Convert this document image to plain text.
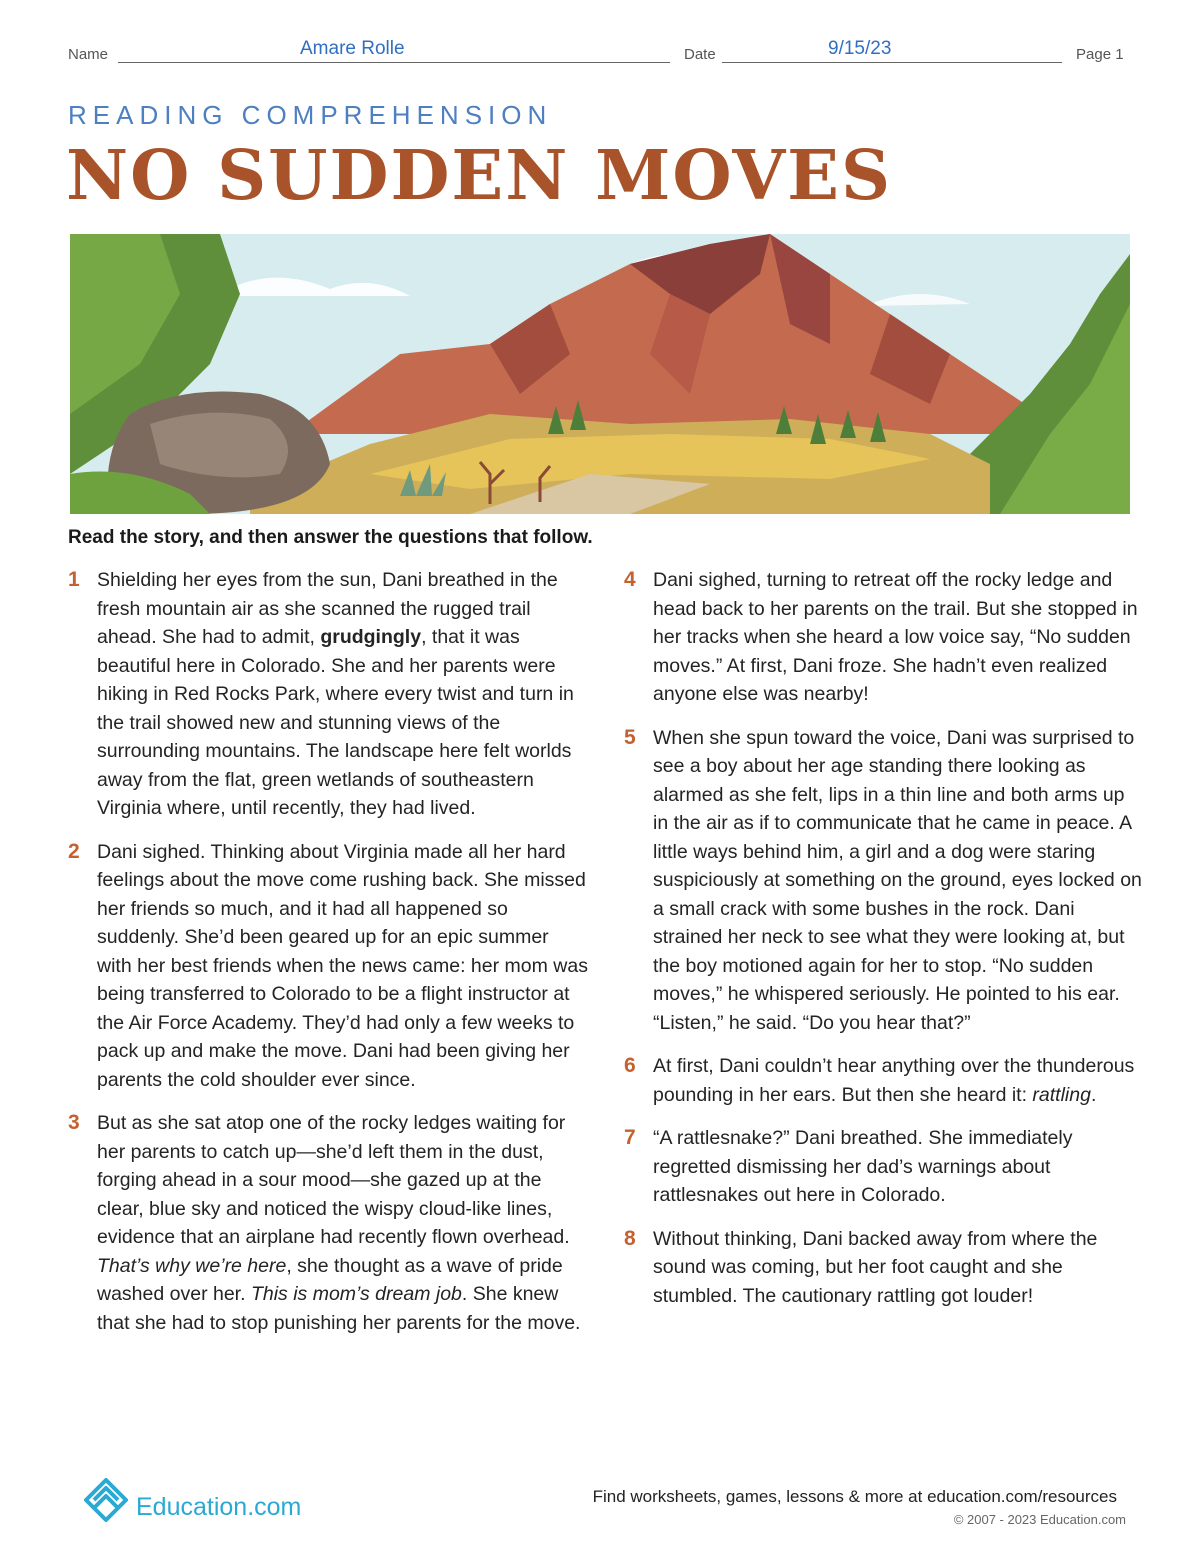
Name	Amare Rolle	Date	9/15/23	Page 1
READING COMPREHENSION
NO SUDDEN MOVES
Read the story, and then answer the questions that follow.
1 Shielding her eyes from the sun, Dani breathed in the fresh mountain air as she scanned the rugged trail ahead. She had to admit, grudgingly, that it was beautiful here in Colorado. She and her parents were hiking in Red Rocks Park, where every twist and turn in the trail showed new and stunning views of the surrounding mountains. The landscape here felt worlds away from the flat, green wetlands of southeastern Virginia where, until recently, they had lived.
2 Dani sighed. Thinking about Virginia made all her hard feelings about the move come rushing back. She missed her friends so much, and it had all happened so suddenly. She’d been geared up for an epic summer with her best friends when the news came: her mom was being transferred to Colorado to be a flight instructor at the Air Force Academy. They’d had only a few weeks to pack up and make the move. Dani had been giving her parents the cold shoulder ever since.
3 But as she sat atop one of the rocky ledges waiting for her parents to catch up—she’d left them in the dust, forging ahead in a sour mood—she gazed up at the clear, blue sky and noticed the wispy cloud-like lines, evidence that an airplane had recently flown overhead. That’s why we’re here, she thought as a wave of pride washed over her. This is mom’s dream job. She knew that she had to stop punishing her parents for the move.
4 Dani sighed, turning to retreat off the rocky ledge and head back to her parents on the trail. But she stopped in her tracks when she heard a low voice say, “No sudden moves.” At first, Dani froze. She hadn’t even realized anyone else was nearby!
5 When she spun toward the voice, Dani was surprised to see a boy about her age standing there looking as alarmed as she felt, lips in a thin line and both arms up in the air as if to communicate that he came in peace. A little ways behind him, a girl and a dog were staring suspiciously at something on the ground, eyes locked on a small crack with some bushes in the rock. Dani strained her neck to see what they were looking at, but the boy motioned again for her to stop. “No sudden moves,” he whispered seriously. He pointed to his ear. “Listen,” he said. “Do you hear that?”
6 At first, Dani couldn’t hear anything over the thunderous pounding in her ears. But then she heard it: rattling.
7 “A rattlesnake?” Dani breathed. She immediately regretted dismissing her dad’s warnings about rattlesnakes out here in Colorado.
8 Without thinking, Dani backed away from where the sound was coming, but her foot caught and she stumbled. The cautionary rattling got louder!
Education.com	Find worksheets, games, lessons & more at education.com/resources
© 2007 - 2023 Education.com
